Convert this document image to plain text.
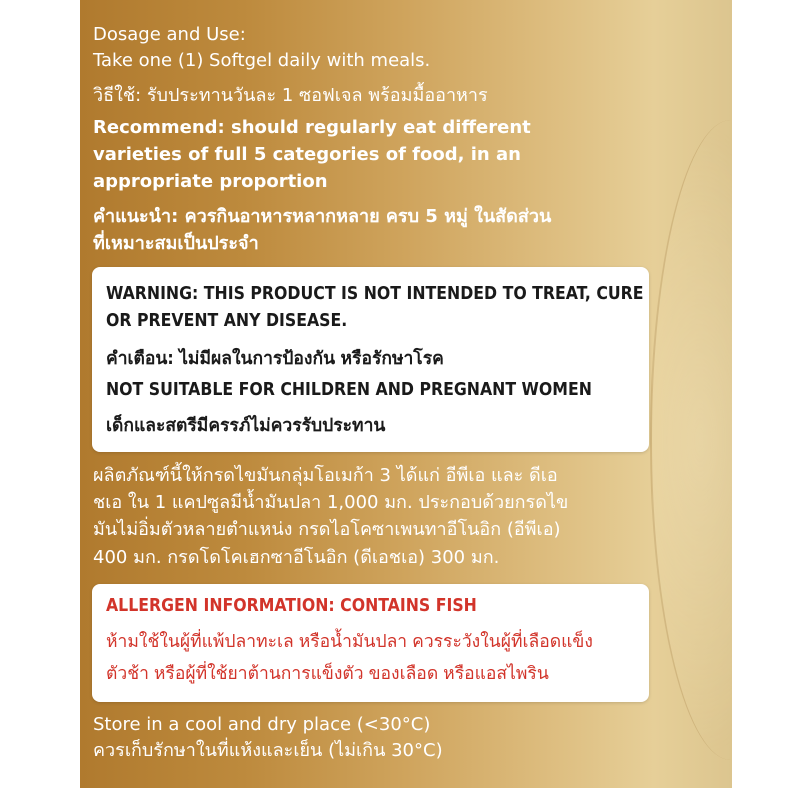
Dosage and Use:
Take one (1) Softgel daily with meals.
วิธีใช้: รับประทานวันละ 1 ซอฟเจล พร้อมมื้ออาหาร
Recommend: should regularly eat different
varieties of full 5 categories of food, in an
appropriate proportion
คำแนะนำ: ควรกินอาหารหลากหลาย ครบ 5 หมู่ ในสัดส่วน
ที่เหมาะสมเป็นประจำ
WARNING: THIS PRODUCT IS NOT INTENDED TO TREAT, CURE
OR PREVENT ANY DISEASE.
คำเตือน: ไม่มีผลในการป้องกัน หรือรักษาโรค
NOT SUITABLE FOR CHILDREN AND PREGNANT WOMEN
เด็กและสตรีมีครรภ์ไม่ควรรับประทาน
ผลิตภัณฑ์นี้ให้กรดไขมันกลุ่มโอเมก้า 3 ได้แก่ อีพีเอ และ ดีเอ
ชเอ ใน 1 แคปซูลมีน้ำมันปลา 1,000 มก. ประกอบด้วยกรดไข
มันไม่อิ่มตัวหลายตำแหน่ง กรดไอโคซาเพนทาอีโนอิก (อีพีเอ)
400 มก. กรดโดโคเฮกซาอีโนอิก (ดีเอชเอ) 300 มก.
ALLERGEN INFORMATION: CONTAINS FISH
ห้ามใช้ในผู้ที่แพ้ปลาทะเล หรือน้ำมันปลา ควรระวังในผู้ที่เลือดแข็ง
ตัวช้า หรือผู้ที่ใช้ยาต้านการแข็งตัว ของเลือด หรือแอสไพริน
Store in a cool and dry place (<30°C)
ควรเก็บรักษาในที่แห้งและเย็น (ไม่เกิน 30°C)
